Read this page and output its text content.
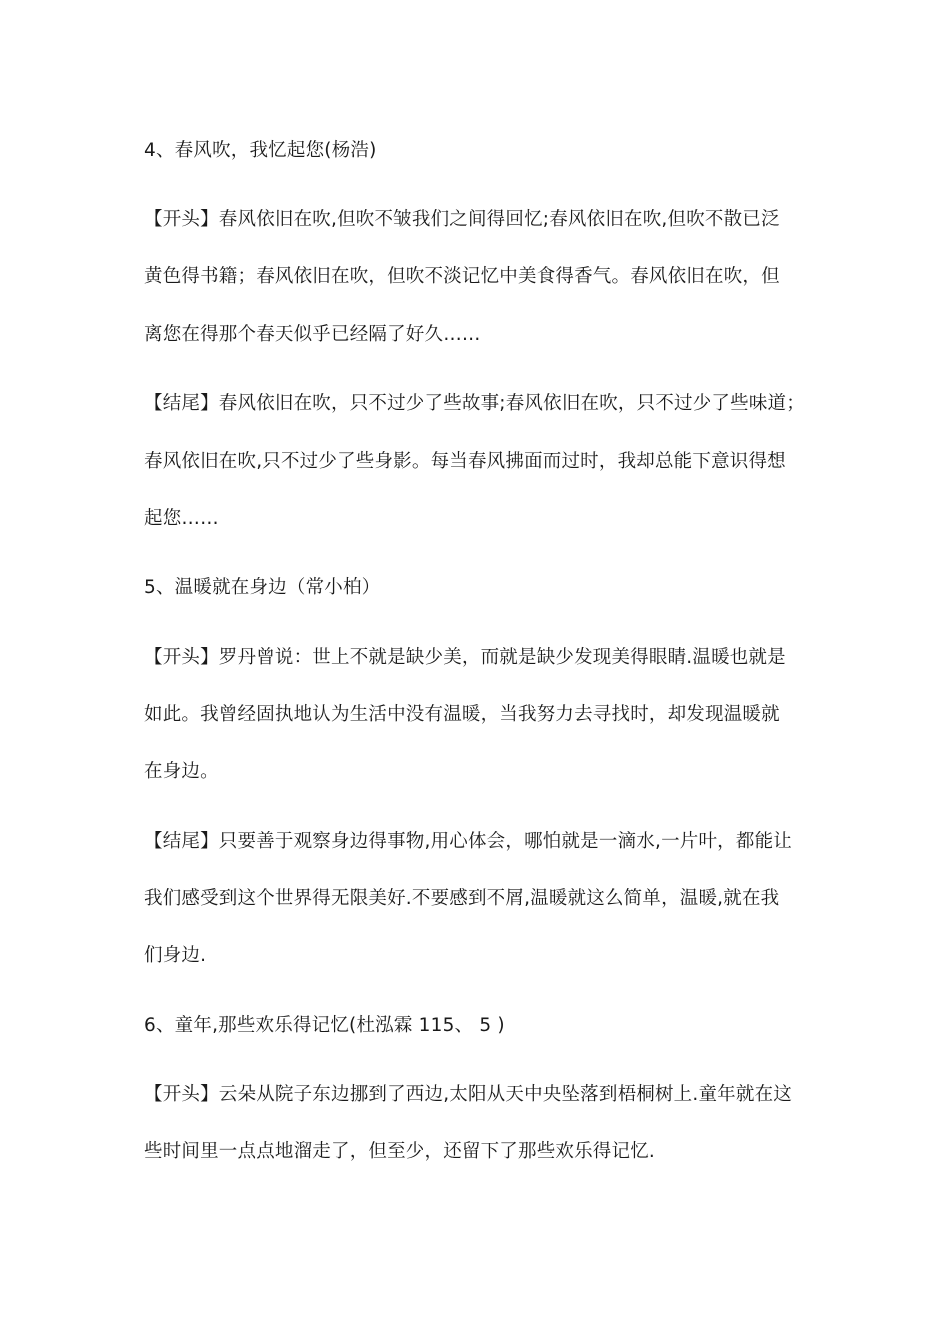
4、春风吹，我忆起您(杨浩)
【开头】春风依旧在吹,但吹不皱我们之间得回忆;春风依旧在吹,但吹不散已泛
黄色得书籍；春风依旧在吹，但吹不淡记忆中美食得香气。春风依旧在吹，但
离您在得那个春天似乎已经隔了好久……
【结尾】春风依旧在吹，只不过少了些故事;春风依旧在吹，只不过少了些味道；
春风依旧在吹,只不过少了些身影。每当春风拂面而过时，我却总能下意识得想
起您……
5、温暖就在身边（常小柏）
【开头】罗丹曾说：世上不就是缺少美，而就是缺少发现美得眼睛.温暖也就是
如此。我曾经固执地认为生活中没有温暖，当我努力去寻找时，却发现温暖就
在身边。
【结尾】只要善于观察身边得事物,用心体会，哪怕就是一滴水,一片叶，都能让
我们感受到这个世界得无限美好.不要感到不屑,温暖就这么简单，温暖,就在我
们身边.
6、童年,那些欢乐得记忆(杜泓霖 115、 5 )
【开头】云朵从院子东边挪到了西边,太阳从天中央坠落到梧桐树上.童年就在这
些时间里一点点地溜走了，但至少，还留下了那些欢乐得记忆.
